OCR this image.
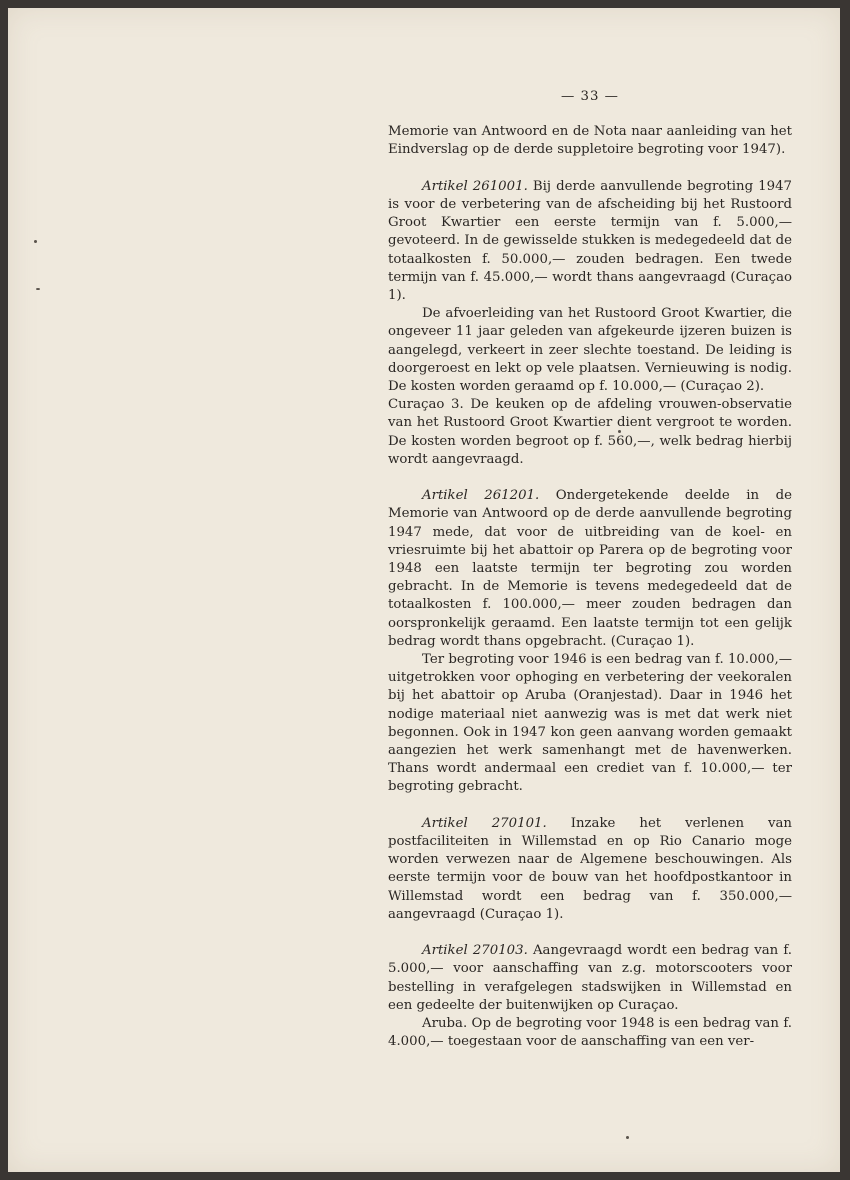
— 33 —

Memorie van Antwoord en de Nota naar aanleiding van het Eindverslag op de derde suppletoire begroting voor 1947).

Artikel 261001. Bij derde aanvullende begroting 1947 is voor de verbetering van de afscheiding bij het Rustoord Groot Kwartier een eerste termijn van f. 5.000,— gevoteerd. In de gewisselde stukken is medegedeeld dat de totaalkosten f. 50.000,— zouden bedragen. Een twede termijn van f. 45.000,— wordt thans aangevraagd (Curaçao 1).

De afvoerleiding van het Rustoord Groot Kwartier, die ongeveer 11 jaar geleden van afgekeurde ijzeren buizen is aangelegd, verkeert in zeer slechte toestand. De leiding is doorgeroest en lekt op vele plaatsen. Vernieuwing is nodig. De kosten worden geraamd op f. 10.000,— (Curaçao 2).

Curaçao 3. De keuken op de afdeling vrouwen-observatie van het Rustoord Groot Kwartier dient vergroot te worden. De kosten worden begroot op f. 560,—, welk bedrag hierbij wordt aangevraagd.

Artikel 261201. Ondergetekende deelde in de Memorie van Antwoord op de derde aanvullende begroting 1947 mede, dat voor de uitbreiding van de koel- en vriesruimte bij het abattoir op Parera op de begroting voor 1948 een laatste termijn ter begroting zou worden gebracht. In de Memorie is tevens medegedeeld dat de totaalkosten f. 100.000,— meer zouden bedragen dan oorspronkelijk geraamd. Een laatste termijn tot een gelijk bedrag wordt thans opgebracht. (Curaçao 1).

Ter begroting voor 1946 is een bedrag van f. 10.000,— uitgetrokken voor ophoging en verbetering der veekoralen bij het abattoir op Aruba (Oranjestad). Daar in 1946 het nodige materiaal niet aanwezig was is met dat werk niet begonnen. Ook in 1947 kon geen aanvang worden gemaakt aangezien het werk samenhangt met de havenwerken. Thans wordt andermaal een crediet van f. 10.000,— ter begroting gebracht.

Artikel 270101. Inzake het verlenen van postfaciliteiten in Willemstad en op Rio Canario moge worden verwezen naar de Algemene beschouwingen. Als eerste termijn voor de bouw van het hoofdpostkantoor in Willemstad wordt een bedrag van f. 350.000,— aangevraagd (Curaçao 1).

Artikel 270103. Aangevraagd wordt een bedrag van f. 5.000,— voor aanschaffing van z.g. motorscooters voor bestelling in verafgelegen stadswijken in Willemstad en een gedeelte der buitenwijken op Curaçao.

Aruba. Op de begroting voor 1948 is een bedrag van f. 4.000,— toegestaan voor de aanschaffing van een ver-
